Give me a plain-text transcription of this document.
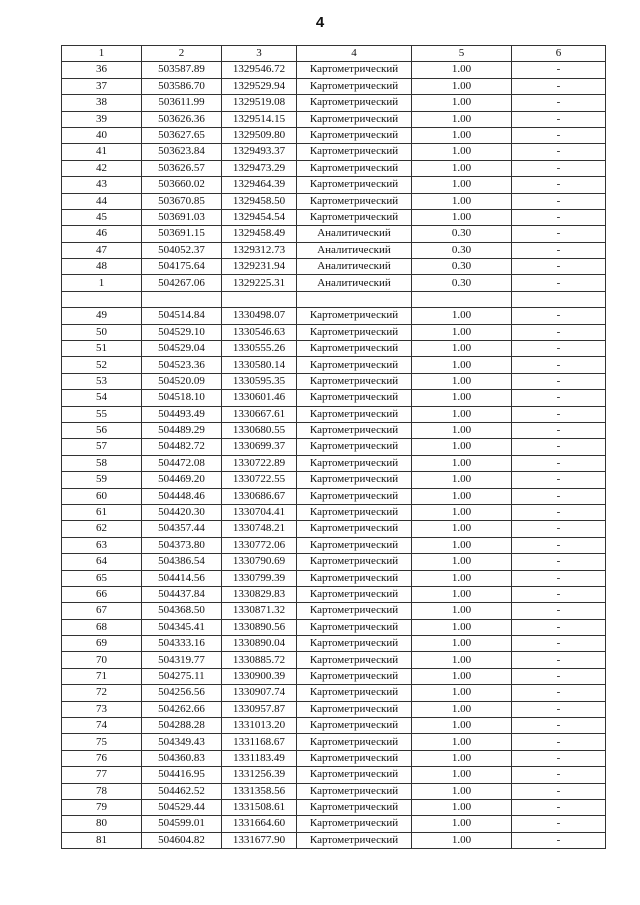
4
1	2	3	4	5	6
36	503587.89	1329546.72	Картометрический	1.00	-
37	503586.70	1329529.94	Картометрический	1.00	-
38	503611.99	1329519.08	Картометрический	1.00	-
39	503626.36	1329514.15	Картометрический	1.00	-
40	503627.65	1329509.80	Картометрический	1.00	-
41	503623.84	1329493.37	Картометрический	1.00	-
42	503626.57	1329473.29	Картометрический	1.00	-
43	503660.02	1329464.39	Картометрический	1.00	-
44	503670.85	1329458.50	Картометрический	1.00	-
45	503691.03	1329454.54	Картометрический	1.00	-
46	503691.15	1329458.49	Аналитический	0.30	-
47	504052.37	1329312.73	Аналитический	0.30	-
48	504175.64	1329231.94	Аналитический	0.30	-
1	504267.06	1329225.31	Аналитический	0.30	-

49	504514.84	1330498.07	Картометрический	1.00	-
50	504529.10	1330546.63	Картометрический	1.00	-
51	504529.04	1330555.26	Картометрический	1.00	-
52	504523.36	1330580.14	Картометрический	1.00	-
53	504520.09	1330595.35	Картометрический	1.00	-
54	504518.10	1330601.46	Картометрический	1.00	-
55	504493.49	1330667.61	Картометрический	1.00	-
56	504489.29	1330680.55	Картометрический	1.00	-
57	504482.72	1330699.37	Картометрический	1.00	-
58	504472.08	1330722.89	Картометрический	1.00	-
59	504469.20	1330722.55	Картометрический	1.00	-
60	504448.46	1330686.67	Картометрический	1.00	-
61	504420.30	1330704.41	Картометрический	1.00	-
62	504357.44	1330748.21	Картометрический	1.00	-
63	504373.80	1330772.06	Картометрический	1.00	-
64	504386.54	1330790.69	Картометрический	1.00	-
65	504414.56	1330799.39	Картометрический	1.00	-
66	504437.84	1330829.83	Картометрический	1.00	-
67	504368.50	1330871.32	Картометрический	1.00	-
68	504345.41	1330890.56	Картометрический	1.00	-
69	504333.16	1330890.04	Картометрический	1.00	-
70	504319.77	1330885.72	Картометрический	1.00	-
71	504275.11	1330900.39	Картометрический	1.00	-
72	504256.56	1330907.74	Картометрический	1.00	-
73	504262.66	1330957.87	Картометрический	1.00	-
74	504288.28	1331013.20	Картометрический	1.00	-
75	504349.43	1331168.67	Картометрический	1.00	-
76	504360.83	1331183.49	Картометрический	1.00	-
77	504416.95	1331256.39	Картометрический	1.00	-
78	504462.52	1331358.56	Картометрический	1.00	-
79	504529.44	1331508.61	Картометрический	1.00	-
80	504599.01	1331664.60	Картометрический	1.00	-
81	504604.82	1331677.90	Картометрический	1.00	-
